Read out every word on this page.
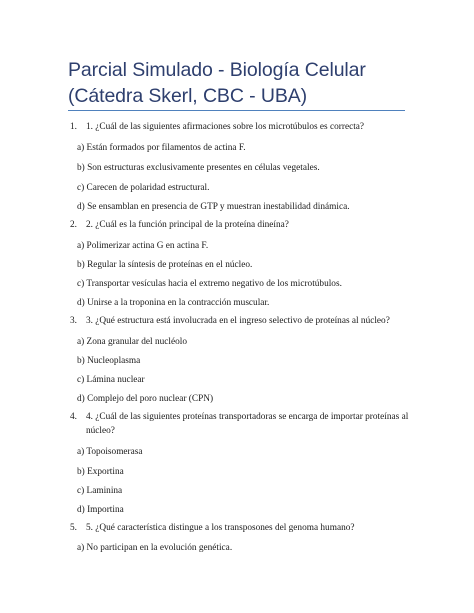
Parcial Simulado - Biología Celular
(Cátedra Skerl, CBC - UBA)
1. 1. ¿Cuál de las siguientes afirmaciones sobre los microtúbulos es correcta?
a) Están formados por filamentos de actina F.
b) Son estructuras exclusivamente presentes en células vegetales.
c) Carecen de polaridad estructural.
d) Se ensamblan en presencia de GTP y muestran inestabilidad dinámica.
2. 2. ¿Cuál es la función principal de la proteína dineína?
a) Polimerizar actina G en actina F.
b) Regular la síntesis de proteínas en el núcleo.
c) Transportar vesículas hacia el extremo negativo de los microtúbulos.
d) Unirse a la troponina en la contracción muscular.
3. 3. ¿Qué estructura está involucrada en el ingreso selectivo de proteínas al núcleo?
a) Zona granular del nucléolo
b) Nucleoplasma
c) Lámina nuclear
d) Complejo del poro nuclear (CPN)
4. 4. ¿Cuál de las siguientes proteínas transportadoras se encarga de importar proteínas al núcleo?
a) Topoisomerasa
b) Exportina
c) Laminina
d) Importina
5. 5. ¿Qué característica distingue a los transposones del genoma humano?
a) No participan en la evolución genética.
